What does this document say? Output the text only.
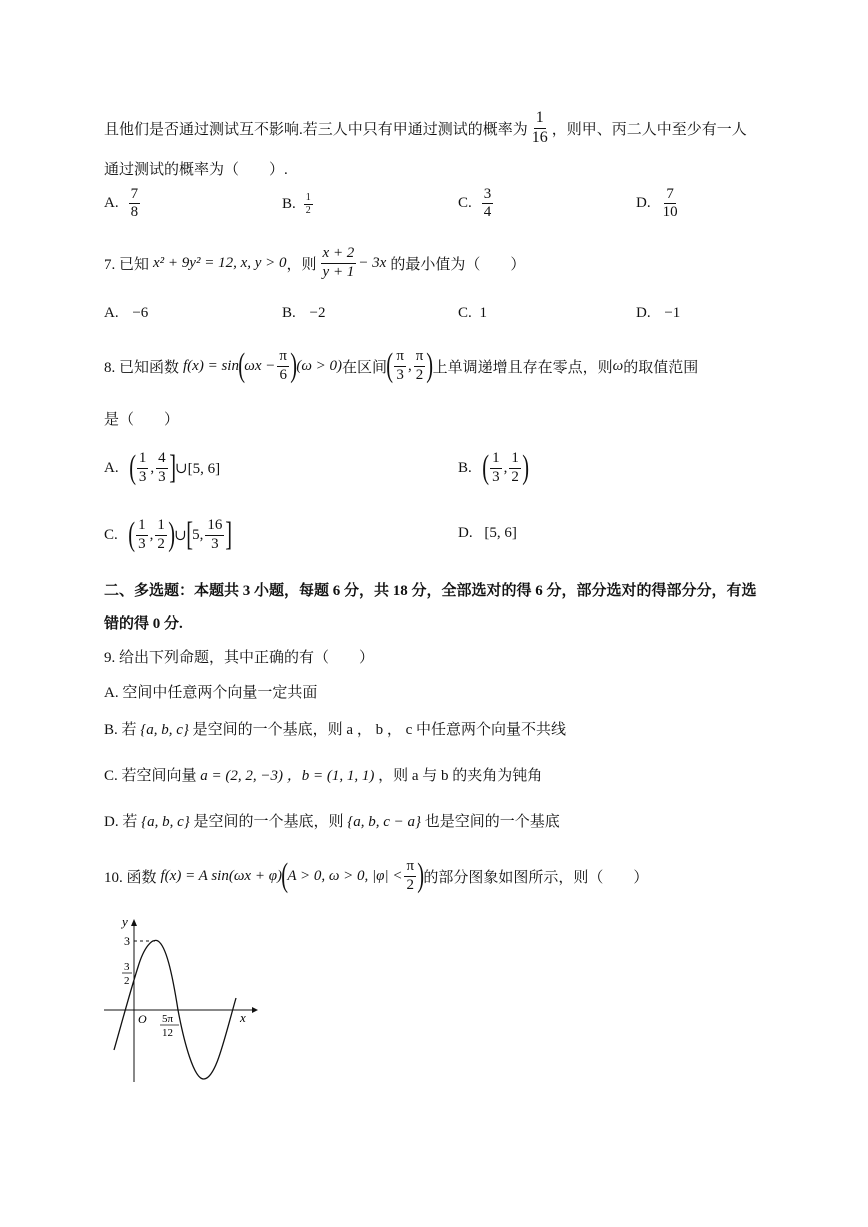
且他们是否通过测试互不影响.若三人中只有甲通过测试的概率为 $\frac{1}{16}$ ，则甲、丙二人中至少有一人
通过测试的概率为（　　）.
A. $\frac{7}{8}$	B. $\frac{1}{2}$	C. $\frac{3}{4}$	D. $\frac{7}{10}$
7. 已知 x² + 9y² = 12, x, y > 0 ，则 $\frac{x + 2}{y + 1} - 3x$ 的最小值为（　　）
A. −6	B. −2	C. 1	D. −1
8. 已知函数 f(x) = sin ( $\omega x - \frac{\pi}{6}$ ) (ω > 0) 在区间 ( $\frac{\pi}{3}$ , $\frac{\pi}{2}$ ) 上单调递增且存在零点，则 ω 的取值范围
是（　　）
A. ( $\frac{1}{3}$ , $\frac{4}{3}$ ] ∪[5, 6]	B. ( $\frac{1}{3}$ , $\frac{1}{2}$ )
C. ( $\frac{1}{3}$ , $\frac{1}{2}$ ) ∪ [ 5, $\frac{16}{3}$ ]	D. [5, 6]
二、多选题：本题共 3 小题，每题 6 分，共 18 分，全部选对的得 6 分，部分选对的得部分分，有选
错的得 0 分.
9. 给出下列命题，其中正确的有（　　）
A. 空间中任意两个向量一定共面
B. 若 {a, b, c} 是空间的一个基底，则 a ， b ， c 中任意两个向量不共线
C. 若空间向量 a = (2, 2, −3) ，b = (1, 1, 1) ，则 a 与 b 的夹角为钝角
D. 若 {a, b, c} 是空间的一个基底，则 {a, b, c − a} 也是空间的一个基底
10. 函数 f(x) = A sin(ωx + φ) ( A > 0, ω > 0, $|\varphi| < \frac{\pi}{2}$ ) 的部分图象如图所示，则（　　）
y
x
3
3
2
O 5π
12
